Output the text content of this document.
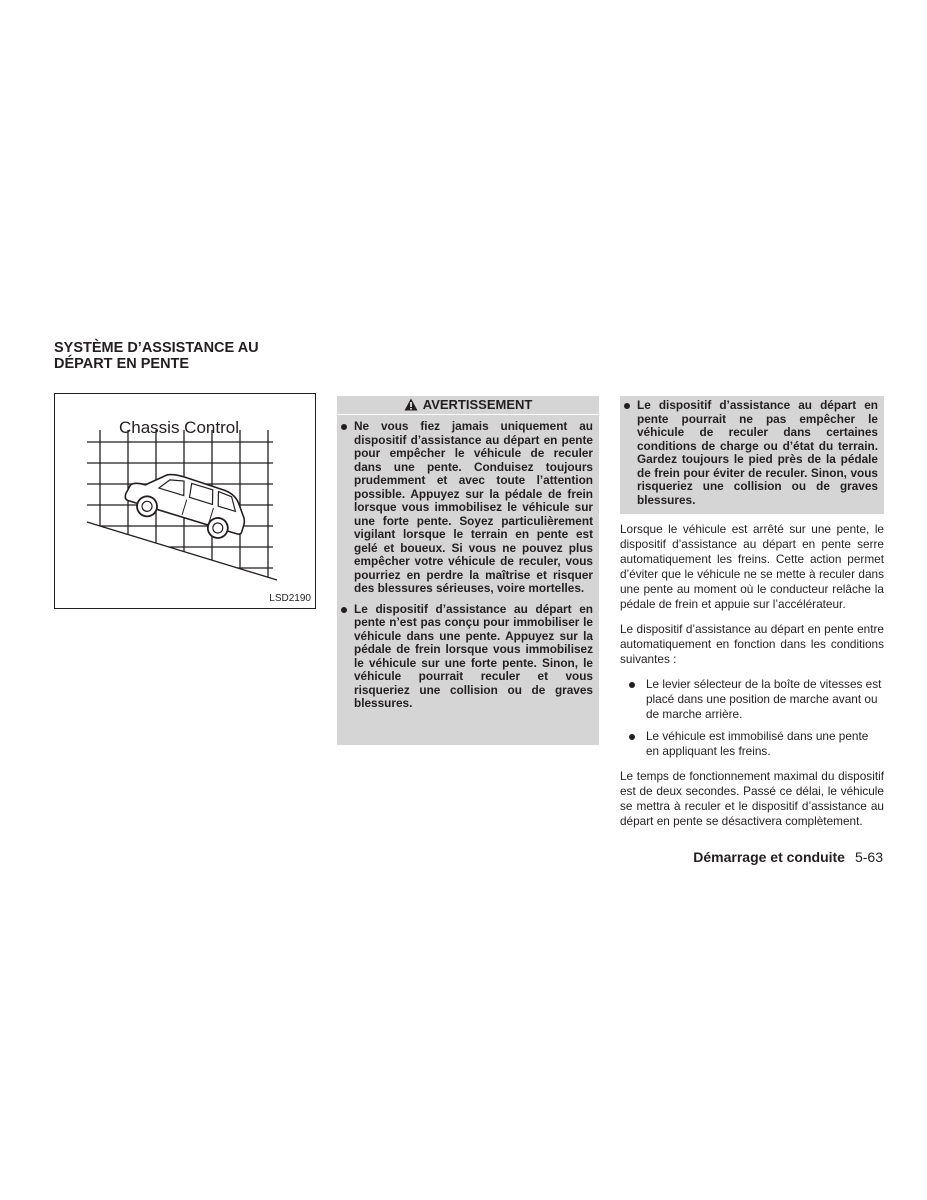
SYSTÈME D’ASSISTANCE AU
DÉPART EN PENTE
Chassis Control
LSD2190
AVERTISSEMENT
Ne vous fiez jamais uniquement au dispositif d’assistance au départ en pente pour empêcher le véhicule de reculer dans une pente. Conduisez toujours prudemment et avec toute l’attention possible. Appuyez sur la pédale de frein lorsque vous immobilisez le véhicule sur une forte pente. Soyez particulièrement vigilant lorsque le terrain en pente est gelé et boueux. Si vous ne pouvez plus empêcher votre véhicule de reculer, vous pourriez en perdre la maîtrise et risquer des blessures sérieuses, voire mortelles.
Le dispositif d’assistance au départ en pente n’est pas conçu pour immobiliser le véhicule dans une pente. Appuyez sur la pédale de frein lorsque vous immobilisez le véhicule sur une forte pente. Sinon, le véhicule pourrait reculer et vous risqueriez une collision ou de graves blessures.
Le dispositif d’assistance au départ en pente pourrait ne pas empêcher le véhicule de reculer dans certaines conditions de charge ou d’état du terrain. Gardez toujours le pied près de la pédale de frein pour éviter de reculer. Sinon, vous risqueriez une collision ou de graves blessures.

Lorsque le véhicule est arrêté sur une pente, le dispositif d’assistance au départ en pente serre automatiquement les freins. Cette action permet d’éviter que le véhicule ne se mette à reculer dans une pente au moment où le conducteur relâche la pédale de frein et appuie sur l’accélérateur.

Le dispositif d’assistance au départ en pente entre automatiquement en fonction dans les conditions suivantes :

Le levier sélecteur de la boîte de vitesses est placé dans une position de marche avant ou de marche arrière.
Le véhicule est immobilisé dans une pente en appliquant les freins.

Le temps de fonctionnement maximal du dispositif est de deux secondes. Passé ce délai, le véhicule se mettra à reculer et le dispositif d’assistance au départ en pente se désactivera complètement.

Démarrage et conduite 5-63
